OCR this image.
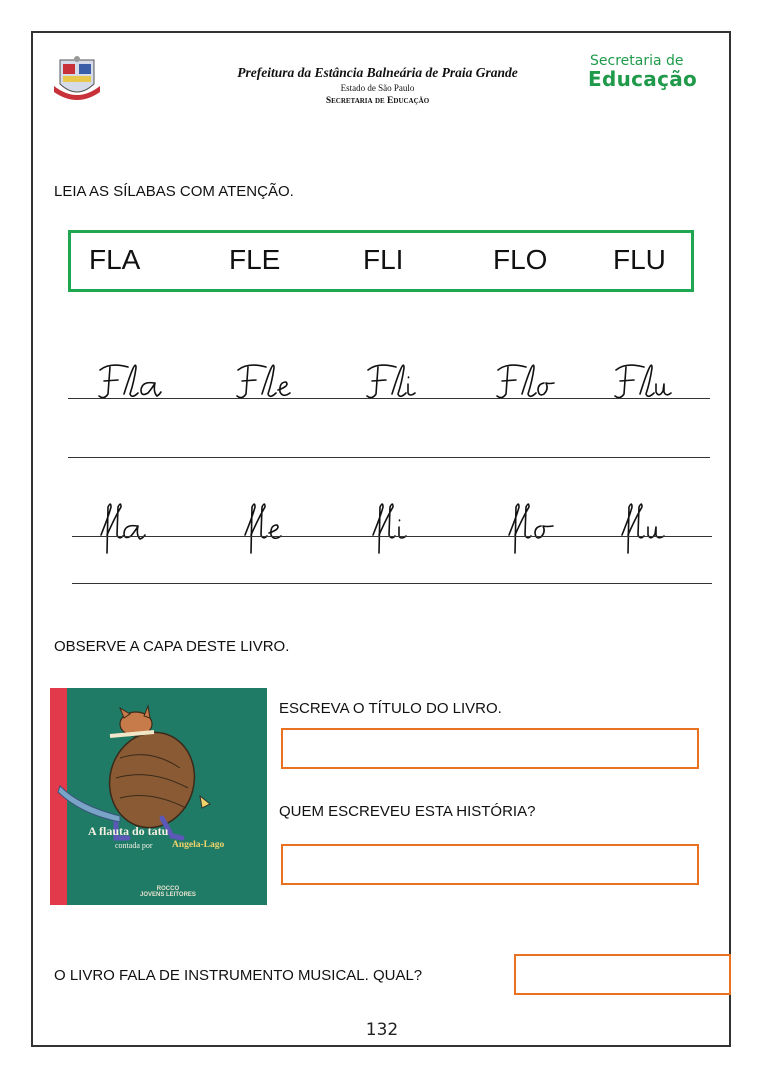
Prefeitura da Estância Balneária de Praia Grande
Estado de São Paulo
Secretaria de Educação
Secretaria de
Educação
LEIA AS SÍLABAS COM ATENÇÃO.
FLA	FLE	FLI	FLO FLU
OBSERVE A CAPA DESTE LIVRO.
A flauta do tatu
contada por Angela-Lago
ROCCO
JOVENS LEITORES
ESCREVA O TÍTULO DO LIVRO.
QUEM ESCREVEU ESTA HISTÓRIA?
O LIVRO FALA DE INSTRUMENTO MUSICAL. QUAL?
132
